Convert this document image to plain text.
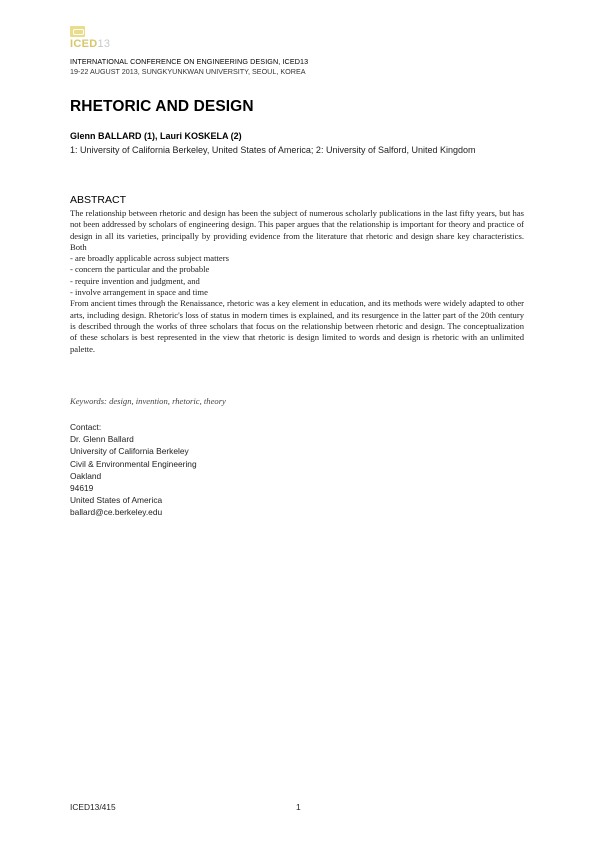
ICED13
INTERNATIONAL CONFERENCE ON ENGINEERING DESIGN, ICED13
19-22 AUGUST 2013, SUNGKYUNKWAN UNIVERSITY, SEOUL, KOREA
RHETORIC AND DESIGN
Glenn BALLARD (1), Lauri KOSKELA (2)
1: University of California Berkeley, United States of America; 2: University of Salford, United Kingdom
ABSTRACT

The relationship between rhetoric and design has been the subject of numerous scholarly publications in the last fifty years, but has not been addressed by scholars of engineering design. This paper argues that the relationship is important for theory and practice of design in all its varieties, principally by providing evidence from the literature that rhetoric and design share key characteristics. Both

- are broadly applicable across subject matters
- concern the particular and the probable
- require invention and judgment, and
- involve arrangement in space and time

From ancient times through the Renaissance, rhetoric was a key element in education, and its methods were widely adapted to other arts, including design. Rhetoric's loss of status in modern times is explained, and its resurgence in the latter part of the 20th century is described through the works of three scholars that focus on the relationship between rhetoric and design. The conceptualization of these scholars is best represented in the view that rhetoric is design limited to words and design is rhetoric with an unlimited palette.

Keywords: design, invention, rhetoric, theory
Contact:
Dr. Glenn Ballard
University of California Berkeley
Civil & Environmental Engineering
Oakland
94619
United States of America
ballard@ce.berkeley.edu
ICED13/415	1
